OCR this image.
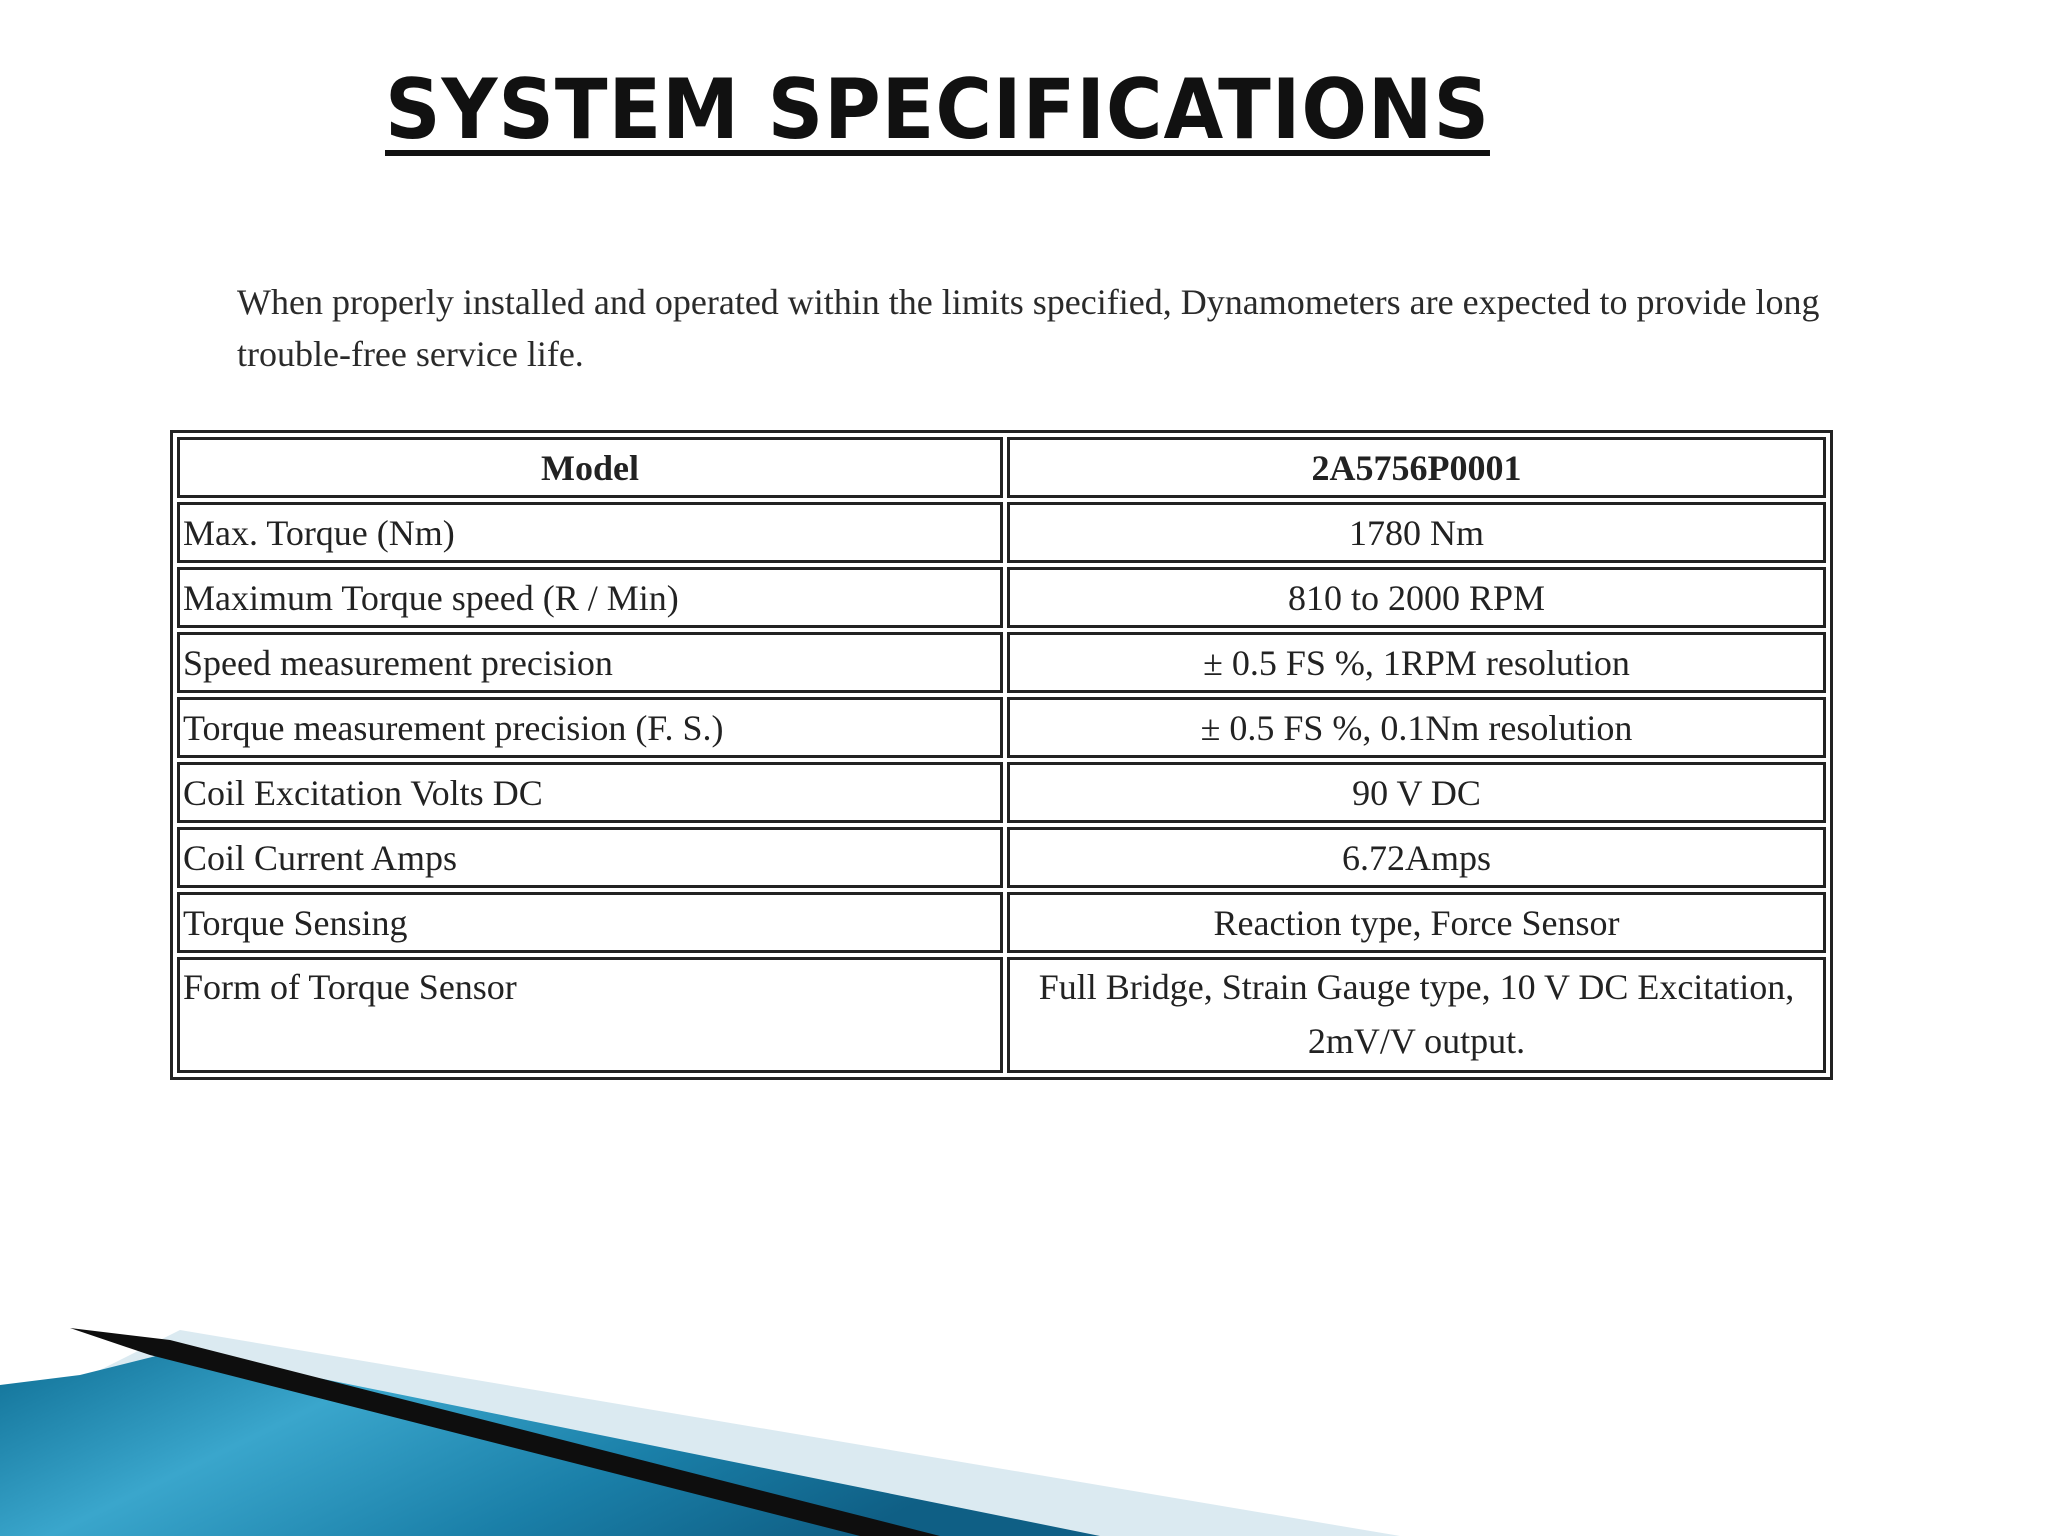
SYSTEM SPECIFICATIONS

When properly installed and operated within the limits specified, Dynamometers are expected to provide long trouble-free service life.

Model	2A5756P0001
Max. Torque (Nm)	1780 Nm
Maximum Torque speed (R / Min)	810 to 2000 RPM
Speed measurement precision	± 0.5 FS %, 1RPM resolution
Torque measurement precision (F. S.)	± 0.5 FS %, 0.1Nm resolution
Coil Excitation Volts DC	90 V DC
Coil Current Amps	6.72Amps
Torque Sensing	Reaction type, Force Sensor
Form of Torque Sensor	Full Bridge, Strain Gauge type, 10 V DC Excitation, 2mV/V output.
